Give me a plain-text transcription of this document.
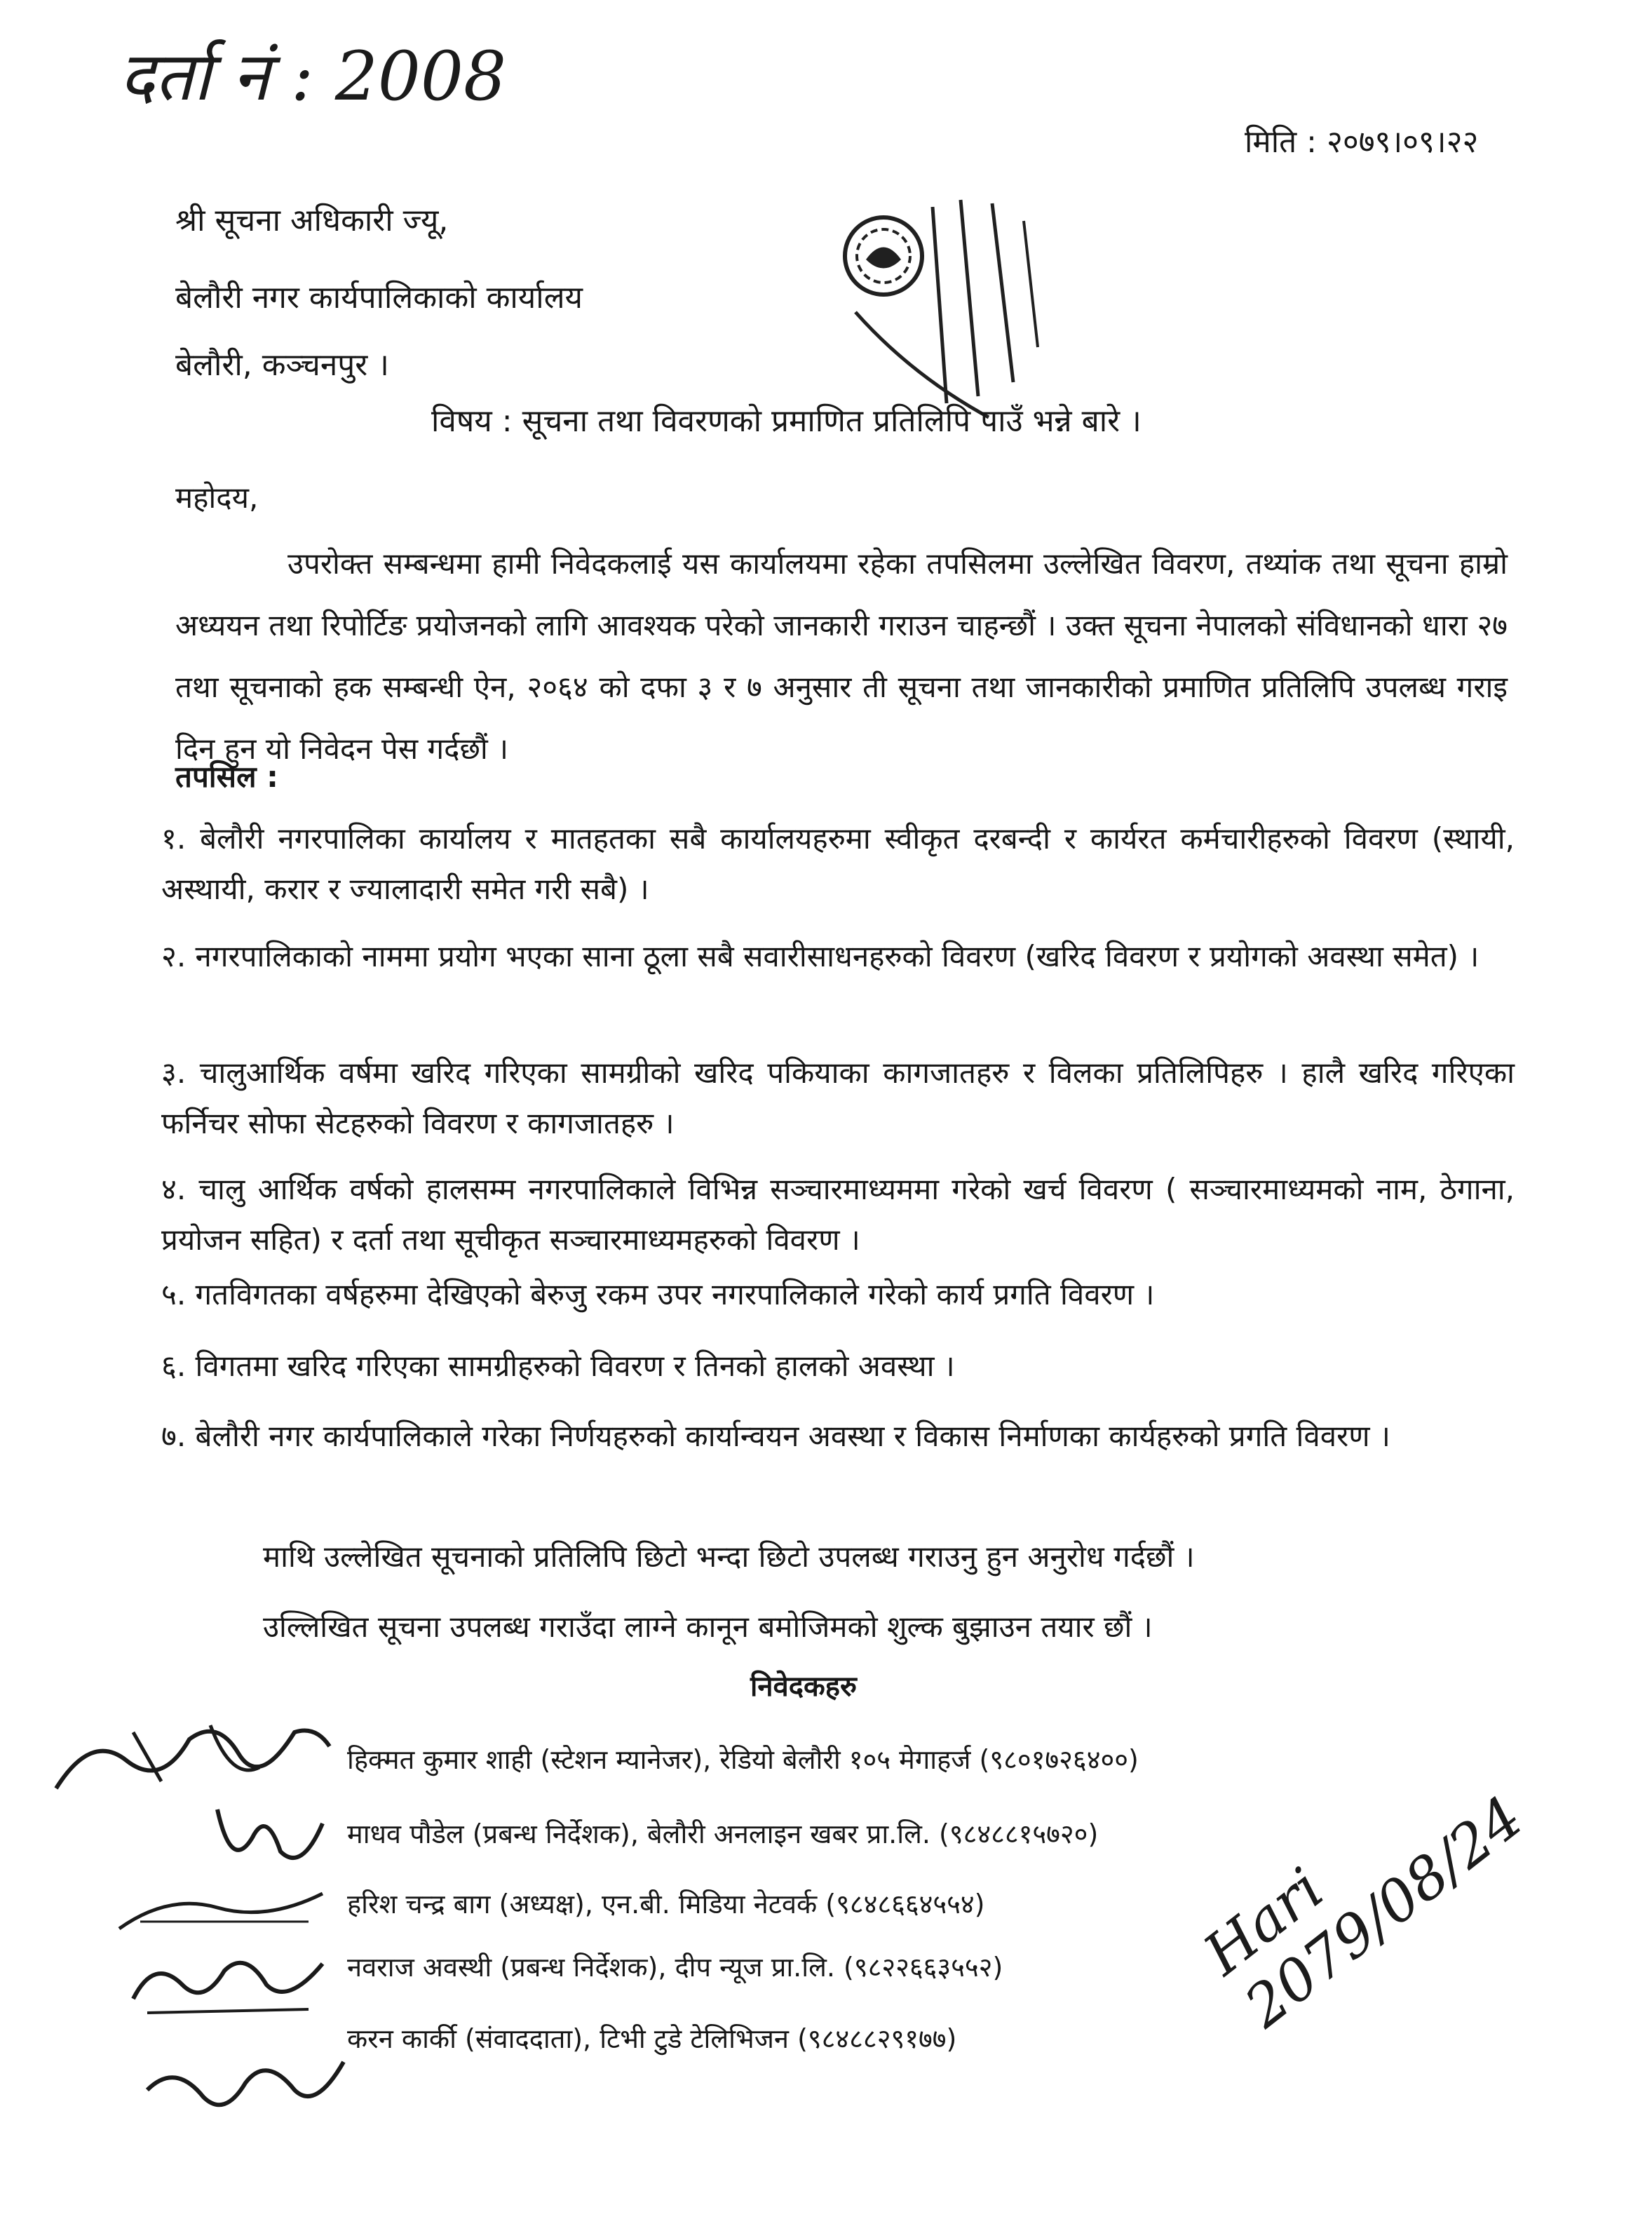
दर्ता नं : 2008
मिति : २०७९।०९।२२
श्री सूचना अधिकारी ज्यू,
बेलौरी नगर कार्यपालिकाको कार्यालय
बेलौरी, कञ्चनपुर ।
विषय : सूचना तथा विवरणको प्रमाणित प्रतिलिपि पाउँ भन्ने बारे ।
महोदय,
उपरोक्त सम्बन्धमा हामी निवेदकलाई यस कार्यालयमा रहेका तपसिलमा उल्लेखित विवरण, तथ्यांक तथा सूचना हाम्रो अध्ययन तथा रिपोर्टिङ प्रयोजनको लागि आवश्यक परेको जानकारी गराउन चाहन्छौं । उक्त सूचना नेपालको संविधानको धारा २७ तथा सूचनाको हक सम्बन्धी ऐन, २०६४ को दफा ३ र ७ अनुसार ती सूचना तथा जानकारीको प्रमाणित प्रतिलिपि उपलब्ध गराइ दिन हुन यो निवेदन पेस गर्दछौं ।
तपसिल :
१. बेलौरी नगरपालिका कार्यालय र मातहतका सबै कार्यालयहरुमा स्वीकृत दरबन्दी र कार्यरत कर्मचारीहरुको विवरण (स्थायी, अस्थायी, करार र ज्यालादारी समेत गरी सबै) ।
२. नगरपालिकाको नाममा प्रयोग भएका साना ठूला सबै सवारीसाधनहरुको विवरण (खरिद विवरण र प्रयोगको अवस्था समेत) ।
३. चालुआर्थिक वर्षमा खरिद गरिएका सामग्रीको खरिद पकियाका कागजातहरु र विलका प्रतिलिपिहरु । हालै खरिद गरिएका फर्निचर सोफा सेटहरुको विवरण र कागजातहरु ।
४. चालु आर्थिक वर्षको हालसम्म नगरपालिकाले विभिन्न सञ्चारमाध्यममा गरेको खर्च विवरण ( सञ्चारमाध्यमको नाम, ठेगाना, प्रयोजन सहित) र दर्ता तथा सूचीकृत सञ्चारमाध्यमहरुको विवरण ।
५. गतविगतका वर्षहरुमा देखिएको बेरुजु रकम उपर नगरपालिकाले गरेको कार्य प्रगति विवरण ।
६. विगतमा खरिद गरिएका सामग्रीहरुको विवरण र तिनको हालको अवस्था ।
७. बेलौरी नगर कार्यपालिकाले गरेका निर्णयहरुको कार्यान्वयन अवस्था र विकास निर्माणका कार्यहरुको प्रगति विवरण ।
माथि उल्लेखित सूचनाको प्रतिलिपि छिटो भन्दा छिटो उपलब्ध गराउनु हुन अनुरोध गर्दछौं ।
उल्लिखित सूचना उपलब्ध गराउँदा लाग्ने कानून बमोजिमको शुल्क बुझाउन तयार छौं ।
निवेदकहरु
हिक्मत कुमार शाही (स्टेशन म्यानेजर), रेडियो बेलौरी १०५ मेगाहर्ज (९८०१७२६४००)
माधव पौडेल (प्रबन्ध निर्देशक), बेलौरी अनलाइन खबर प्रा.लि. (९८४८८१५७२०)
हरिश चन्द्र बाग (अध्यक्ष), एन.बी. मिडिया नेटवर्क (९८४८६६४५५४)
नवराज अवस्थी (प्रबन्ध निर्देशक), दीप न्यूज प्रा.लि. (९८२२६६३५५२)
करन कार्की (संवाददाता), टिभी टुडे टेलिभिजन (९८४८८२९१७७)
Hari 2079/08/24
